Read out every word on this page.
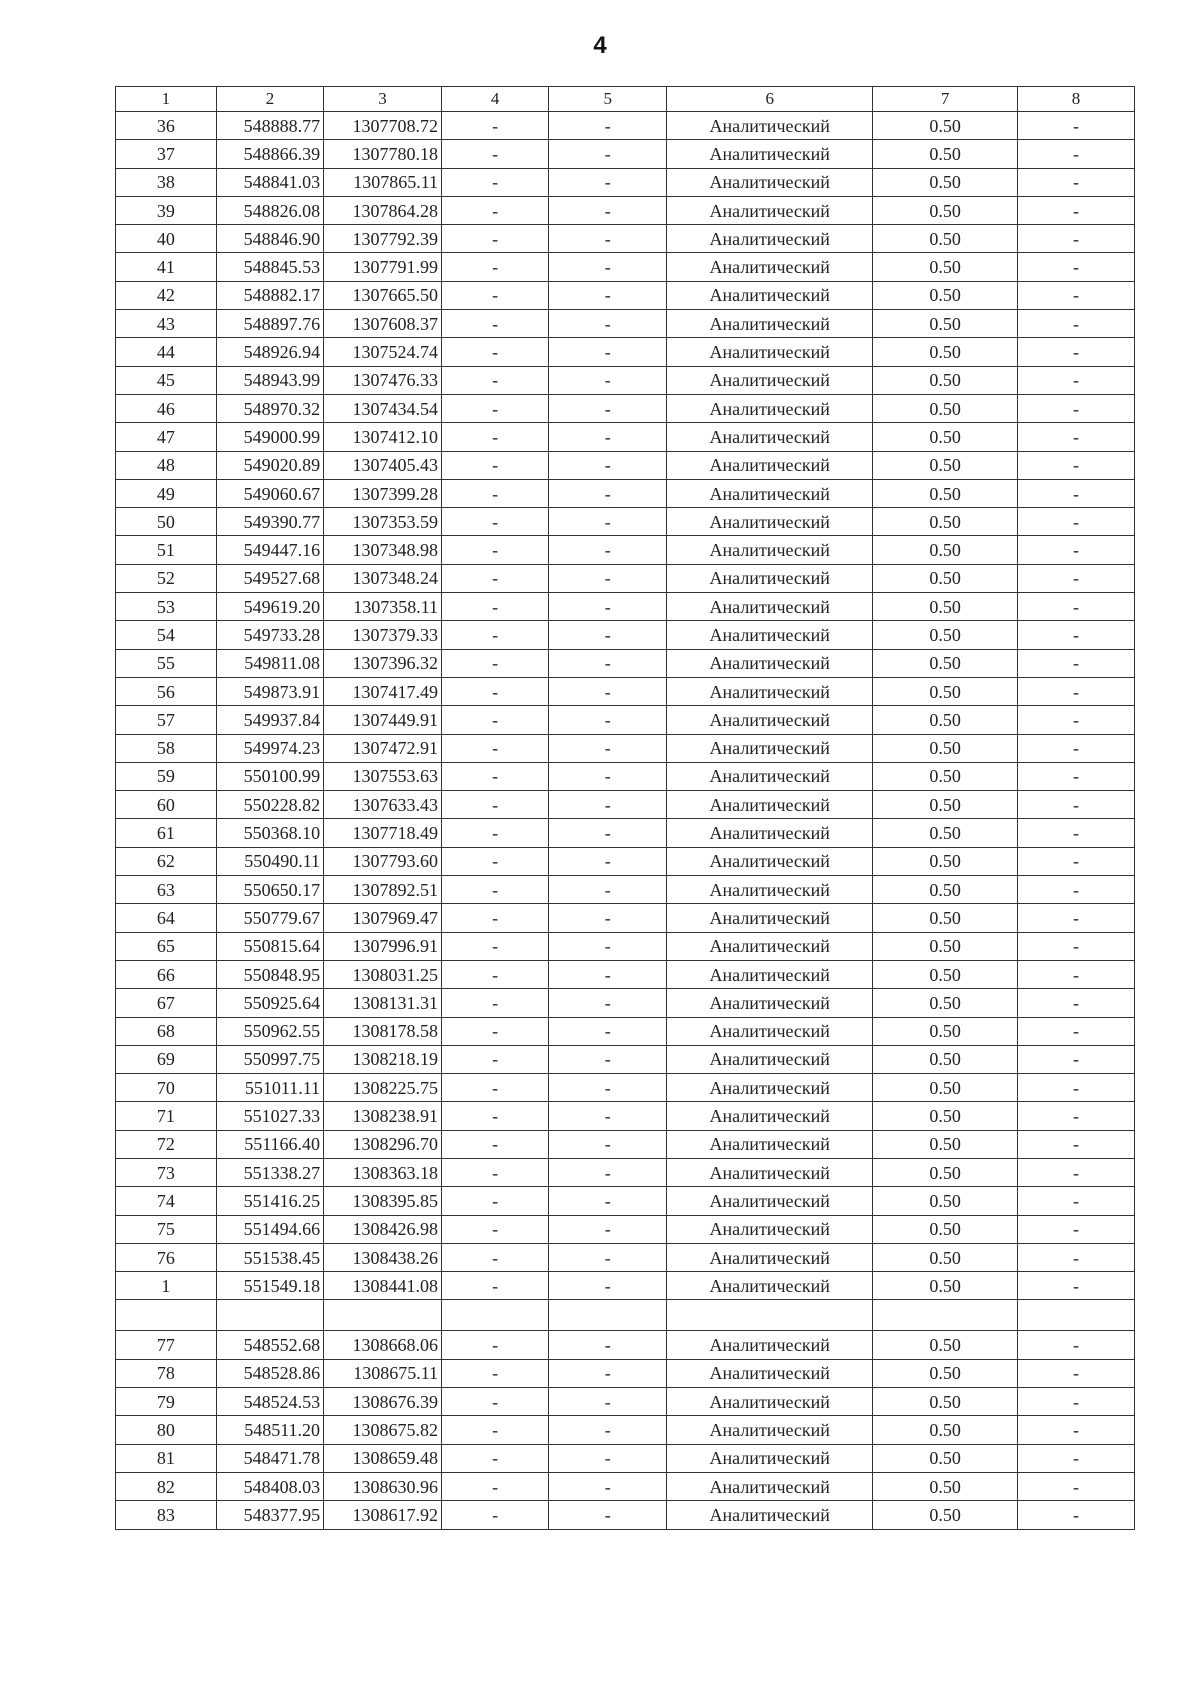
4
1	2	3	4	5	6	7	8
36	548888.77	1307708.72	-	-	Аналитический	0.50	-
37	548866.39	1307780.18	-	-	Аналитический	0.50	-
38	548841.03	1307865.11	-	-	Аналитический	0.50	-
39	548826.08	1307864.28	-	-	Аналитический	0.50	-
40	548846.90	1307792.39	-	-	Аналитический	0.50	-
41	548845.53	1307791.99	-	-	Аналитический	0.50	-
42	548882.17	1307665.50	-	-	Аналитический	0.50	-
43	548897.76	1307608.37	-	-	Аналитический	0.50	-
44	548926.94	1307524.74	-	-	Аналитический	0.50	-
45	548943.99	1307476.33	-	-	Аналитический	0.50	-
46	548970.32	1307434.54	-	-	Аналитический	0.50	-
47	549000.99	1307412.10	-	-	Аналитический	0.50	-
48	549020.89	1307405.43	-	-	Аналитический	0.50	-
49	549060.67	1307399.28	-	-	Аналитический	0.50	-
50	549390.77	1307353.59	-	-	Аналитический	0.50	-
51	549447.16	1307348.98	-	-	Аналитический	0.50	-
52	549527.68	1307348.24	-	-	Аналитический	0.50	-
53	549619.20	1307358.11	-	-	Аналитический	0.50	-
54	549733.28	1307379.33	-	-	Аналитический	0.50	-
55	549811.08	1307396.32	-	-	Аналитический	0.50	-
56	549873.91	1307417.49	-	-	Аналитический	0.50	-
57	549937.84	1307449.91	-	-	Аналитический	0.50	-
58	549974.23	1307472.91	-	-	Аналитический	0.50	-
59	550100.99	1307553.63	-	-	Аналитический	0.50	-
60	550228.82	1307633.43	-	-	Аналитический	0.50	-
61	550368.10	1307718.49	-	-	Аналитический	0.50	-
62	550490.11	1307793.60	-	-	Аналитический	0.50	-
63	550650.17	1307892.51	-	-	Аналитический	0.50	-
64	550779.67	1307969.47	-	-	Аналитический	0.50	-
65	550815.64	1307996.91	-	-	Аналитический	0.50	-
66	550848.95	1308031.25	-	-	Аналитический	0.50	-
67	550925.64	1308131.31	-	-	Аналитический	0.50	-
68	550962.55	1308178.58	-	-	Аналитический	0.50	-
69	550997.75	1308218.19	-	-	Аналитический	0.50	-
70	551011.11	1308225.75	-	-	Аналитический	0.50	-
71	551027.33	1308238.91	-	-	Аналитический	0.50	-
72	551166.40	1308296.70	-	-	Аналитический	0.50	-
73	551338.27	1308363.18	-	-	Аналитический	0.50	-
74	551416.25	1308395.85	-	-	Аналитический	0.50	-
75	551494.66	1308426.98	-	-	Аналитический	0.50	-
76	551538.45	1308438.26	-	-	Аналитический	0.50	-
1	551549.18	1308441.08	-	-	Аналитический	0.50	-

77	548552.68	1308668.06	-	-	Аналитический	0.50	-
78	548528.86	1308675.11	-	-	Аналитический	0.50	-
79	548524.53	1308676.39	-	-	Аналитический	0.50	-
80	548511.20	1308675.82	-	-	Аналитический	0.50	-
81	548471.78	1308659.48	-	-	Аналитический	0.50	-
82	548408.03	1308630.96	-	-	Аналитический	0.50	-
83	548377.95	1308617.92	-	-	Аналитический	0.50	-
